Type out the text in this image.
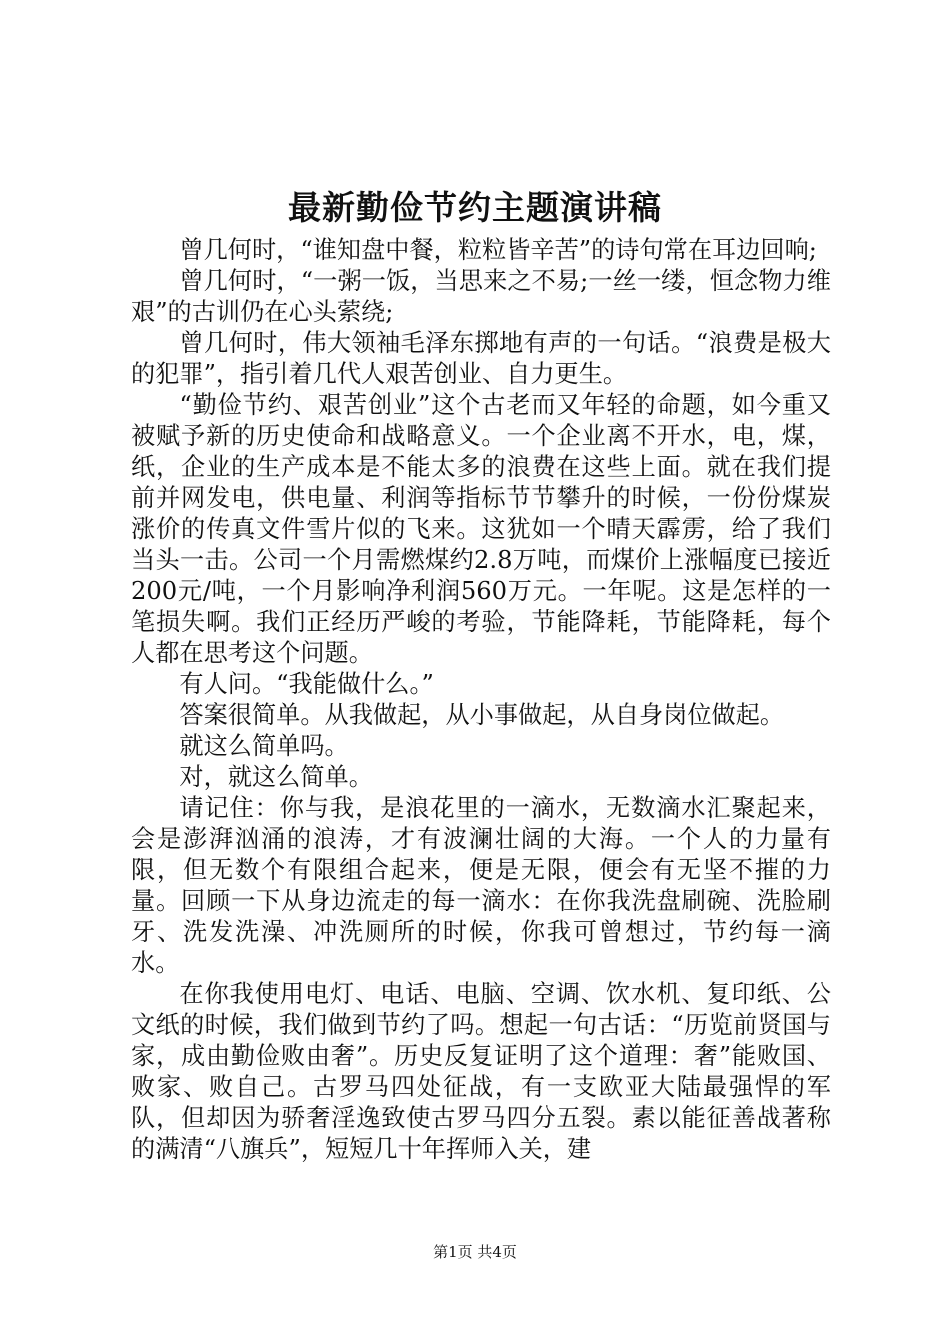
最新勤俭节约主题演讲稿

曾几何时，“谁知盘中餐，粒粒皆辛苦”的诗句常在耳边回响;

曾几何时，“一粥一饭，当思来之不易;一丝一缕，恒念物力维艰”的古训仍在心头萦绕;

曾几何时，伟大领袖毛泽东掷地有声的一句话。“浪费是极大的犯罪”，指引着几代人艰苦创业、自力更生。

“勤俭节约、艰苦创业”这个古老而又年轻的命题，如今重又被赋予新的历史使命和战略意义。一个企业离不开水，电，煤，纸，企业的生产成本是不能太多的浪费在这些上面。就在我们提前并网发电，供电量、利润等指标节节攀升的时候，一份份煤炭涨价的传真文件雪片似的飞来。这犹如一个晴天霹雳，给了我们当头一击。公司一个月需燃煤约2.8万吨，而煤价上涨幅度已接近200元/吨，一个月影响净利润560万元。一年呢。这是怎样的一笔损失啊。我们正经历严峻的考验，节能降耗，节能降耗，每个人都在思考这个问题。

有人问。“我能做什么。”

答案很简单。从我做起，从小事做起，从自身岗位做起。

就这么简单吗。

对，就这么简单。

请记住：你与我，是浪花里的一滴水，无数滴水汇聚起来，会是澎湃汹涌的浪涛，才有波澜壮阔的大海。一个人的力量有限，但无数个有限组合起来，便是无限，便会有无坚不摧的力量。回顾一下从身边流走的每一滴水：在你我洗盘刷碗、洗脸刷牙、洗发洗澡、冲洗厕所的时候，你我可曾想过，节约每一滴水。

在你我使用电灯、电话、电脑、空调、饮水机、复印纸、公文纸的时候，我们做到节约了吗。想起一句古话：“历览前贤国与家，成由勤俭败由奢”。历史反复证明了这个道理：奢”能败国、败家、败自己。古罗马四处征战，有一支欧亚大陆最强悍的军队，但却因为骄奢淫逸致使古罗马四分五裂。素以能征善战著称的满清“八旗兵”，短短几十年挥师入关，建

第1页 共4页
